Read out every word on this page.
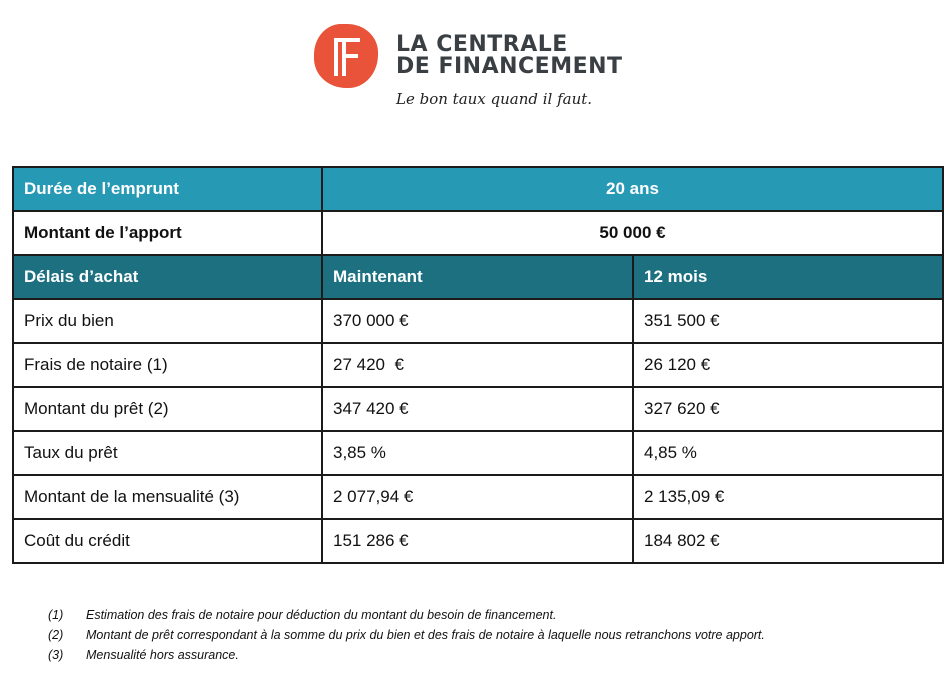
LA CENTRALE
DE FINANCEMENT
Le bon taux quand il faut.
Durée de l’emprunt	20 ans	
Montant de l’apport	50 000 €	
Délais d’achat	Maintenant	12 mois
Prix du bien	370 000 €	351 500 €
Frais de notaire (1)	27 420  €	26 120 €
Montant du prêt (2)	347 420 €	327 620 €
Taux du prêt	3,85 %	4,85 %
Montant de la mensualité (3)	2 077,94 €	2 135,09 €
Coût du crédit	151 286 €	184 802 €
(1)	Estimation des frais de notaire pour déduction du montant du besoin de financement.
(2)	Montant de prêt correspondant à la somme du prix du bien et des frais de notaire à laquelle nous retranchons votre apport.
(3)	Mensualité hors assurance.
